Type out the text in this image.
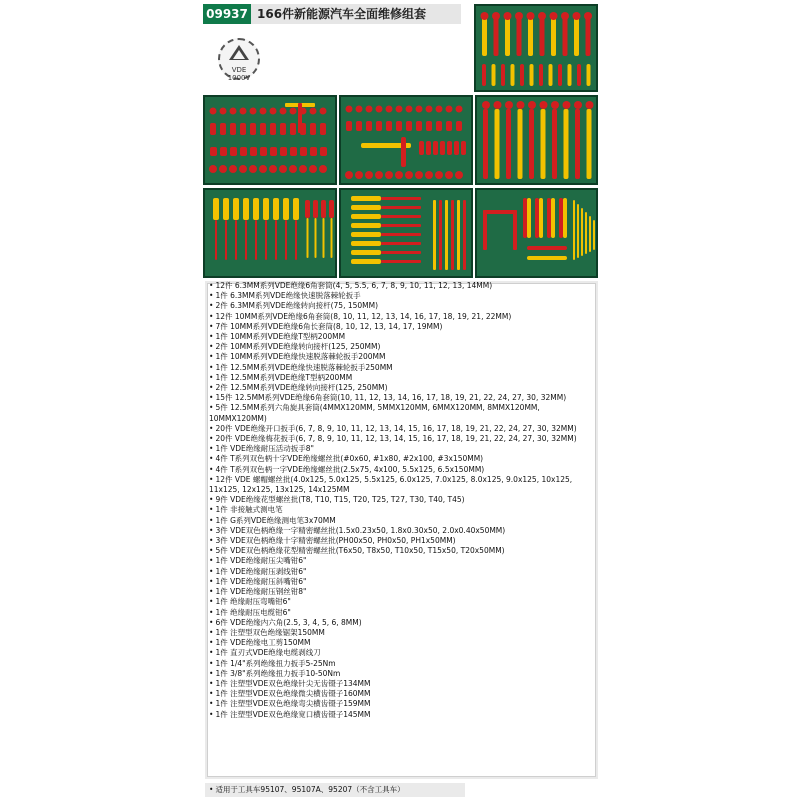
09937 166件新能源汽车全面维修组套
VDE
1000V
• 12件 6.3MM系列VDE绝缘6角套筒(4, 5, 5.5, 6, 7, 8, 9, 10, 11, 12, 13, 14MM)
• 1件 6.3MM系列VDE绝缘快速脱落棘轮扳手
• 2件 6.3MM系列VDE绝缘转向接杆(75, 150MM)
• 12件 10MM系列VDE绝缘6角套筒(8, 10, 11, 12, 13, 14, 16, 17, 18, 19, 21, 22MM)
• 7件 10MM系列VDE绝缘6角长套筒(8, 10, 12, 13, 14, 17, 19MM)
• 1件 10MM系列VDE绝缘T型柄200MM
• 2件 10MM系列VDE绝缘转向接杆(125, 250MM)
• 1件 10MM系列VDE绝缘快速脱落棘轮扳手200MM
• 1件 12.5MM系列VDE绝缘快速脱落棘轮扳手250MM
• 1件 12.5MM系列VDE绝缘T型柄200MM
• 2件 12.5MM系列VDE绝缘转向接杆(125, 250MM)
• 15件 12.5MM系列VDE绝缘6角套筒(10, 11, 12, 13, 14, 16, 17, 18, 19, 21, 22, 24, 27, 30, 32MM)
• 5件 12.5MM系列六角旋具套筒(4MMX120MM, 5MMX120MM, 6MMX120MM, 8MMX120MM, 10MMX120MM)
• 20件 VDE绝缘开口扳手(6, 7, 8, 9, 10, 11, 12, 13, 14, 15, 16, 17, 18, 19, 21, 22, 24, 27, 30, 32MM)
• 20件 VDE绝缘梅花扳手(6, 7, 8, 9, 10, 11, 12, 13, 14, 15, 16, 17, 18, 19, 21, 22, 24, 27, 30, 32MM)
• 1件 VDE绝缘耐压活动扳手8"
• 4件 T系列双色柄十字VDE绝缘螺丝批(#0x60, #1x80, #2x100, #3x150MM)
• 4件 T系列双色柄一字VDE绝缘螺丝批(2.5x75, 4x100, 5.5x125, 6.5x150MM)
• 12件 VDE 螺帽螺丝批(4.0x125, 5.0x125, 5.5x125, 6.0x125, 7.0x125, 8.0x125, 9.0x125, 10x125, 11x125, 12x125, 13x125, 14x125MM
• 9件 VDE绝缘花型螺丝批(T8, T10, T15, T20, T25, T27, T30, T40, T45)
• 1件 非接触式测电笔
• 1件 G系列VDE绝缘测电笔3x70MM
• 3件 VDE双色柄绝缘一字精密螺丝批(1.5x0.23x50, 1.8x0.30x50, 2.0x0.40x50MM)
• 3件 VDE双色柄绝缘十字精密螺丝批(PH00x50, PH0x50, PH1x50MM)
• 5件 VDE双色柄绝缘花型精密螺丝批(T6x50, T8x50, T10x50, T15x50, T20x50MM)
• 1件 VDE绝缘耐压尖嘴钳6"
• 1件 VDE绝缘耐压剥线钳6"
• 1件 VDE绝缘耐压斜嘴钳6"
• 1件 VDE绝缘耐压钢丝钳8"
• 1件 绝缘耐压弯嘴钳6"
• 1件 绝缘耐压电缆钳6"
• 6件 VDE绝缘内六角(2.5, 3, 4, 5, 6, 8MM)
• 1件 注塑型双色绝缘锯架150MM
• 1件 VDE绝缘电工剪150MM
• 1件 直刃式VDE绝缘电缆剥线刀
• 1件 1/4"系列绝缘扭力扳手5-25Nm
• 1件 3/8"系列绝缘扭力扳手10-50Nm
• 1件 注塑型VDE双色绝缘针尖无齿镊子134MM
• 1件 注塑型VDE双色绝缘微尖横齿镊子160MM
• 1件 注塑型VDE双色绝缘弯尖横齿镊子159MM
• 1件 注塑型VDE双色绝缘宽口横齿镊子145MM
• 适用于工具车95107、95107A、95207（不含工具车）
